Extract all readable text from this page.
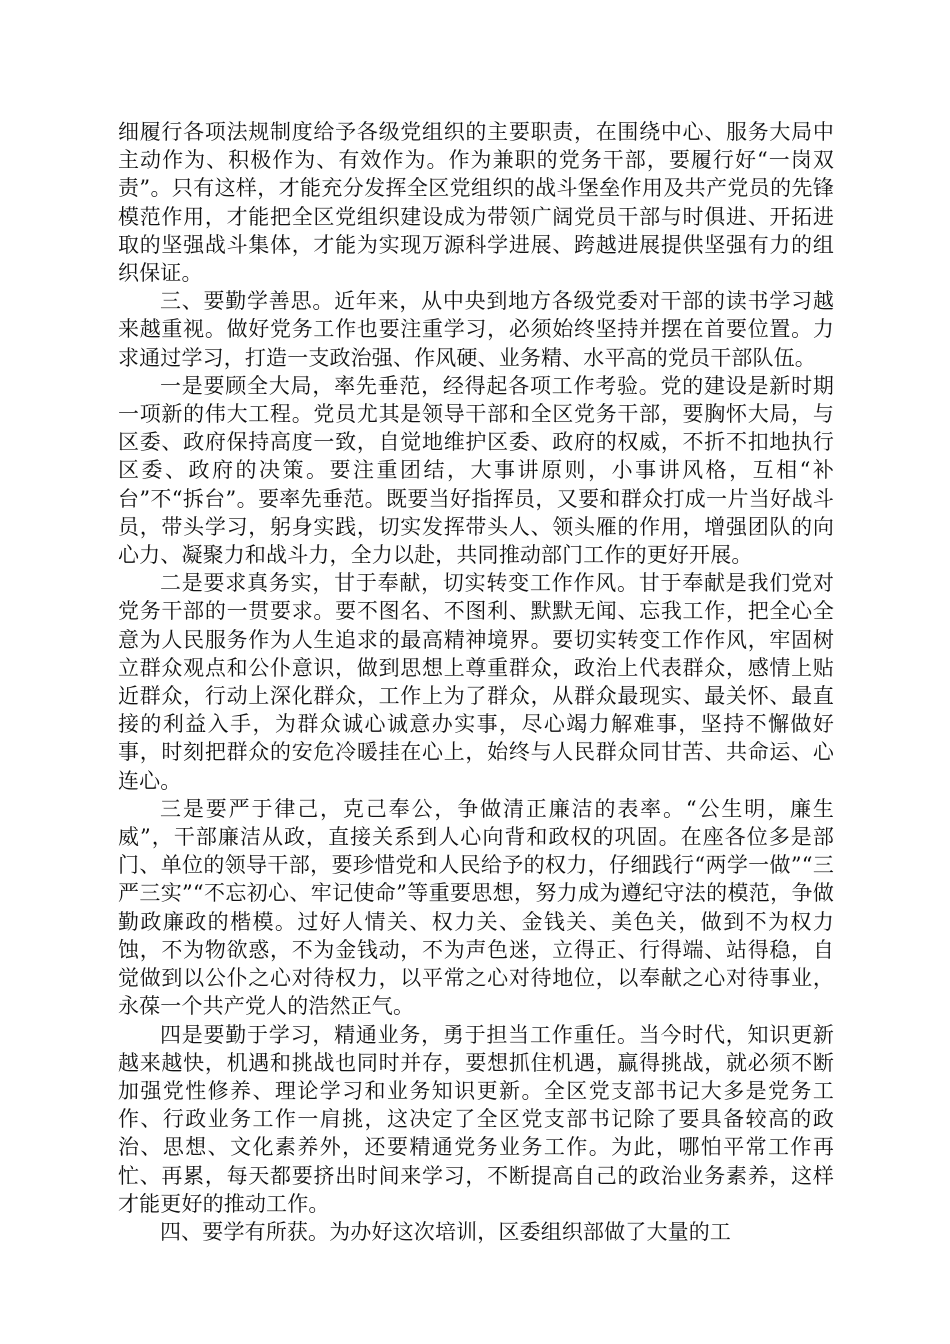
细履行各项法规制度给予各级党组织的主要职责，在围绕中心、服务大局中主动作为、积极作为、有效作为。作为兼职的党务干部，要履行好“一岗双责”。只有这样，才能充分发挥全区党组织的战斗堡垒作用及共产党员的先锋模范作用，才能把全区党组织建设成为带领广阔党员干部与时俱进、开拓进取的坚强战斗集体，才能为实现万源科学进展、跨越进展提供坚强有力的组织保证。

三、要勤学善思。近年来，从中央到地方各级党委对干部的读书学习越来越重视。做好党务工作也要注重学习，必须始终坚持并摆在首要位置。力求通过学习，打造一支政治强、作风硬、业务精、水平高的党员干部队伍。

一是要顾全大局，率先垂范，经得起各项工作考验。党的建设是新时期一项新的伟大工程。党员尤其是领导干部和全区党务干部，要胸怀大局，与区委、政府保持高度一致，自觉地维护区委、政府的权威，不折不扣地执行区委、政府的决策。要注重团结，大事讲原则，小事讲风格，互相“补台”不“拆台”。要率先垂范。既要当好指挥员，又要和群众打成一片当好战斗员，带头学习，躬身实践，切实发挥带头人、领头雁的作用，增强团队的向心力、凝聚力和战斗力，全力以赴，共同推动部门工作的更好开展。

二是要求真务实，甘于奉献，切实转变工作作风。甘于奉献是我们党对党务干部的一贯要求。要不图名、不图利、默默无闻、忘我工作，把全心全意为人民服务作为人生追求的最高精神境界。要切实转变工作作风，牢固树立群众观点和公仆意识，做到思想上尊重群众，政治上代表群众，感情上贴近群众，行动上深化群众，工作上为了群众，从群众最现实、最关怀、最直接的利益入手，为群众诚心诚意办实事，尽心竭力解难事，坚持不懈做好事，时刻把群众的安危冷暖挂在心上，始终与人民群众同甘苦、共命运、心连心。

三是要严于律己，克己奉公，争做清正廉洁的表率。“公生明，廉生威”，干部廉洁从政，直接关系到人心向背和政权的巩固。在座各位多是部门、单位的领导干部，要珍惜党和人民给予的权力，仔细践行“两学一做”“三严三实”“不忘初心、牢记使命”等重要思想，努力成为遵纪守法的模范，争做勤政廉政的楷模。过好人情关、权力关、金钱关、美色关，做到不为权力蚀，不为物欲惑，不为金钱动，不为声色迷，立得正、行得端、站得稳，自觉做到以公仆之心对待权力，以平常之心对待地位，以奉献之心对待事业，永葆一个共产党人的浩然正气。

四是要勤于学习，精通业务，勇于担当工作重任。当今时代，知识更新越来越快，机遇和挑战也同时并存，要想抓住机遇，赢得挑战，就必须不断加强党性修养、理论学习和业务知识更新。全区党支部书记大多是党务工作、行政业务工作一肩挑，这决定了全区党支部书记除了要具备较高的政治、思想、文化素养外，还要精通党务业务工作。为此，哪怕平常工作再忙、再累，每天都要挤出时间来学习，不断提高自己的政治业务素养，这样才能更好的推动工作。

四、要学有所获。为办好这次培训，区委组织部做了大量的工
